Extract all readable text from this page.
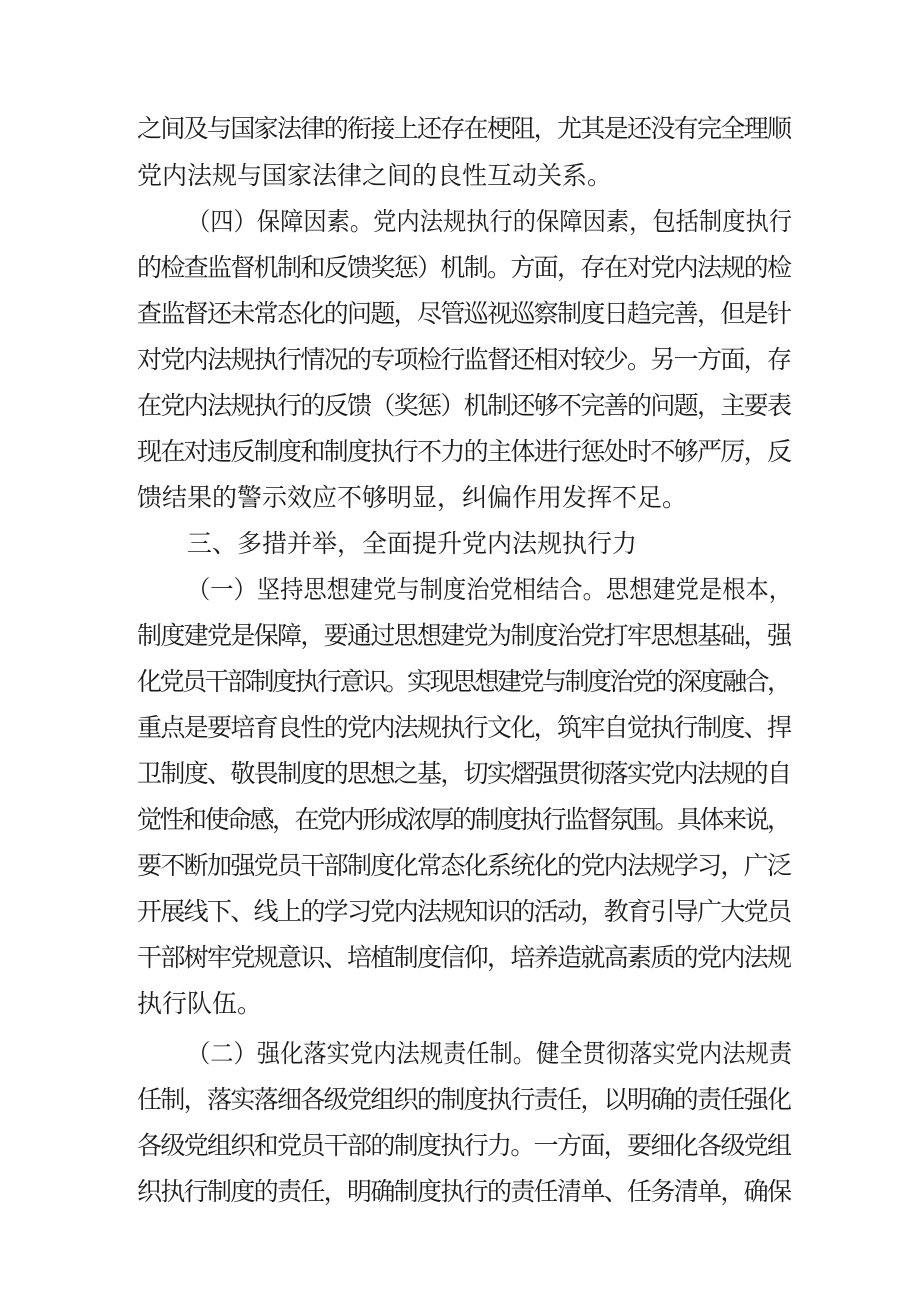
之间及与国家法律的衔接上还存在梗阻，尤其是还没有完全理顺
党内法规与国家法律之间的良性互动关系。
（四）保障因素。党内法规执行的保障因素，包括制度执行
的检查监督机制和反馈奖惩）机制。方面，存在对党内法规的检
查监督还未常态化的问题，尽管巡视巡察制度日趋完善，但是针
对党内法规执行情况的专项检行监督还相对较少。另一方面，存
在党内法规执行的反馈（奖惩）机制还够不完善的问题，主要表
现在对违反制度和制度执行不力的主体进行惩处时不够严厉，反
馈结果的警示效应不够明显，纠偏作用发挥不足。
三、多措并举，全面提升党内法规执行力
（一）坚持思想建党与制度治党相结合。思想建党是根本，
制度建党是保障，要通过思想建党为制度治党打牢思想基础，强
化党员干部制度执行意识。实现思想建党与制度治党的深度融合，
重点是要培育良性的党内法规执行文化，筑牢自觉执行制度、捍
卫制度、敬畏制度的思想之基，切实熠强贯彻落实党内法规的自
觉性和使命感，在党内形成浓厚的制度执行监督氛围。具体来说，
要不断加强党员干部制度化常态化系统化的党内法规学习，广泛
开展线下、线上的学习党内法规知识的活动，教育引导广大党员
干部树牢党规意识、培植制度信仰，培养造就高素质的党内法规
执行队伍。
（二）强化落实党内法规责任制。健全贯彻落实党内法规责
任制，落实落细各级党组织的制度执行责任，以明确的责任强化
各级党组织和党员干部的制度执行力。一方面，要细化各级党组
织执行制度的责任，明确制度执行的责任清单、任务清单，确保
